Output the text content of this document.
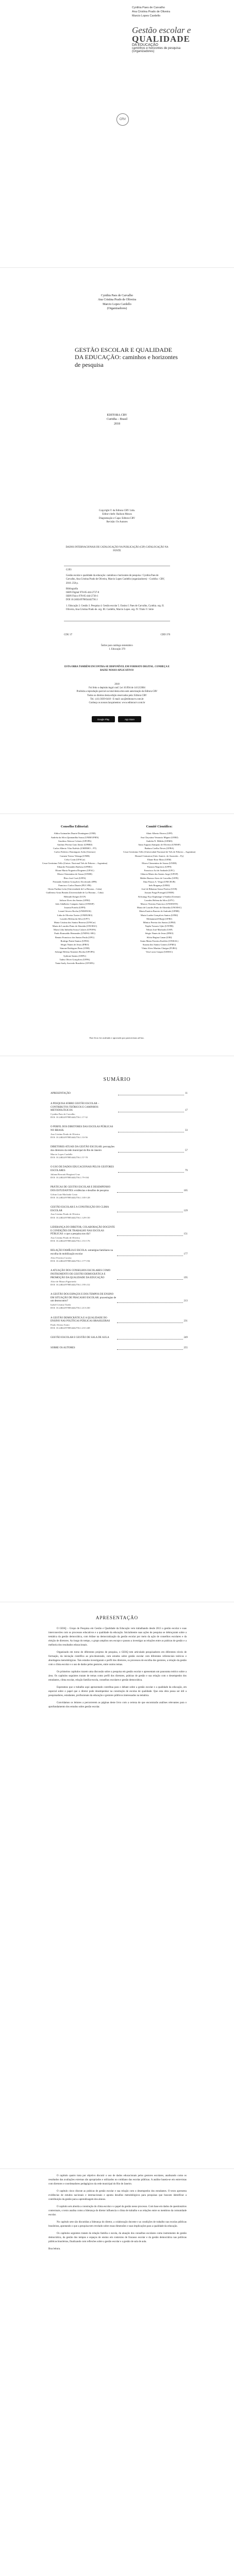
Cynthia Paes de Carvalho
Ana Cristina Prado de Oliveira
Marcio Lopes Cardello
Gestão escolar e
QUALIDADE
DA EDUCAÇÃO
caminhos e horizontes de pesquisa
(Organizadores)
CRV
Cynthia Paes de Carvalho
Ana Cristina Prado de Oliveira
Marcio Lopes Cardello
(Organizadores)
GESTÃO ESCOLAR E QUALIDADE DA EDUCAÇÃO: caminhos e horizontes de pesquisa
EDITORA CRV
Curitiba – Brasil
2018
Copyright © da Editora CRV Ltda.
Editor-chefe: Railson Moura
Diagramação e Capa: Editora CRV
Revisão: Os Autores
DADOS INTERNACIONAIS DE CATALOGAÇÃO NA PUBLICAÇÃO (CIP) CATALOGAÇÃO NA FONTE
G393
Gestão escolar e qualidade da educação: caminhos e horizontes de pesquisa / Cynthia Paes de Carvalho, Ana Cristina Prado de Oliveira, Marcio Lopes Cardello (organizadores) – Curitiba : CRV, 2018. 258 p.
Bibliografia
ISBN Digital 978-85-444-2737-8
ISBN Físico 978-85-444-2736-1
DOI 10.24824/978854442736.1
1. Educação 2. Gestão 3. Pesquisa 4. Gestão escolar 5. Ensino I. Paes de Carvalho, Cynthia. org. II. Oliveira, Ana Cristina Prado de. org. III. Cardello, Marcio Lopes. org. IV. Título V. Série
CDU 37	CDD 370
Índice para catálogo sistemático
1. Educação 370
ESTA OBRA TAMBÉM ENCONTRA-SE DISPONÍVEL EM FORMATO DIGITAL. CONHEÇA E BAIXE NOSSO APLICATIVO!
2018
Foi feito o depósito legal conf. Lei 10.994 de 14/12/2004
Proibida a reprodução parcial ou total desta obra sem autorização da Editora CRV
Todos os direitos desta edição reservados pela: Editora CRV
Tel.: (41) 3039-6418 - E-mail: sac@editoracrv.com.br
Conheça os nossos lançamentos: www.editoracrv.com.br
Google Play	App Store
Conselho Editorial:
Aldira Guimarães Duarte Domínguez (UNB)
Andréia da Silva Quintanilha Sousa (UNIR/UFRN)
Anselmo Alencar Colares (UFOPA)
Antônio Pereira Gaio Júnior (UFRRJ)
Carlos Alberto Vilar Estêvão (UMINHO – PT)
Carlos Federico Dominguez Avila (Unieuro)
Carmen Tereza Velanga (UNIR)
Celso Conti (UFSCar)
Cesar Gerónimo Tello (Univer. Nacional Três de Febrero – Argentina)
Eduardo Fernandes Barbosa (UFMG)
Elione Maria Nogueira Diogenes (UFAL)
Elizeu Clementino de Souza (UNEB)
Élsio José Corá (UFFS)
Fernando Antônio Gonçalves Alcoforado (IPB)
Francisco Carlos Duarte (PUC-PR)
Gloria Fariñas León (Universidade de La Havana – Cuba)
Guillermo Arias Beatón (Universidade de La Havana – Cuba)
Helmuth Krüger (UCP)
Jailson Alves dos Santos (UFRJ)
João Adalberto Campato Junior (UNESP)
Josania Portela (UFPI)
Leonel Severo Rocha (UNISINOS)
Lidia de Oliveira Xavier (UNIEURO)
Lourdes Helena da Silva (UFV)
Maria Cristina dos Santos Bezerra (UFSCar)
Maria de Lourdes Pinto de Almeida (UNOESC)
Maria Lília Imbiriba Sousa Colares (UFOPA)
Paulo Romualdo Hernandes (UNIFAL-MG)
Renato Francisco dos Santos Paula (UFG)
Rodrigo Pratte-Santos (UFES)
Sérgio Nunes de Jesus (IFRO)
Simone Rodrigues Pinto (UNB)
Solange Helena Ximenes-Rocha (UFOPA)
Sydione Santos (UEPG)
Tadeu Oliver Gonçalves (UFPA)
Tania Suely Azevedo Brasileiro (UFOPA)
Comitê Científico:
Altair Alberto Fávero (UPF)
Ana Chrystina Venancio Mignot (UERJ)
Andréia N. Militão (UEMS)
Anna Augusta Sampaio de Oliveira (UNESP)
Barbara Coelho Neves (UFBA)
Cesar Gerónimo Tello (Universidad Nacional de Três de Febrero – Argentina)
Diosnel Centurion (Univ Americ. de Asunción – Py)
Eliane Rose Maio (UEM)
Elizeu Clementino de Souza (UNEB)
Fauston Negreiros (UFPI)
Francisco Ari de Andrade (UFC)
Gláucia Maria dos Santos Jorge (UFOP)
Helder Buenos Aires de Carvalho (UFPI)
Ilma Passos A. Veiga (UNICEUB)
Inês Bragança (UERJ)
José de Ribamar Sousa Pereira (UCB)
Jussara Fraga Portugal (UNEB)
Kilwangy Kya Kapitango-a-Samba (Unemat)
Lourdes Helena da Silva (UFV)
Marcos Vinicius Francisco (UNOESTE)
Maria de Lourdes Pinto de Almeida (UNOESC)
Maria Eurácia Barreto de Andrade (UFRB)
Maria Lurdes Gonçalves Santos (UFRJ)
Mohammed Elhajji (UFRJ)
Mônica Pereira dos Santos (UFRJ)
Najela Tavares Ujiie (UTFPR)
Nilson José Machado (USP)
Sérgio Nunes de Jesus (IFRO)
Silvia Regina Canan (URI)
Sonia Maria Ferreira Koehler (UNISAL)
Suzana dos Santos Gomes (UFMG)
Vânia Alves Martins Chaigar (FURG)
Vera Lucia Gaspar (UDESC)
Este livro foi avaliado e aprovado por pareceristas ad hoc.
SUMÁRIO
APRESENTAÇÃO	11
A PESQUISA SOBRE GESTÃO ESCOLAR – CONTRIBUTOS TEÓRICOS E CAMINHOS METODOLÓGICOS	17
Cynthia Paes de Carvalho
DOI: 10.24824/978854442736.1.17-32
O PERFIL DOS DIRETORES DAS ESCOLAS PÚBLICAS NO BRASIL	33
Ana Cristina Prado de Oliveira
DOI: 10.24824/978854442736.1.33-56
DIRETORES ATUAIS DA GESTÃO ESCOLAR: percepções dos diretores da rede municipal do Rio de Janeiro	57
Marcio Lopes Cardello
DOI: 10.24824/978854442736.1.57-78
O USO DE DADOS EDUCACIONAIS PELOS GESTORES ESCOLARES	79
Juliana Roncatti Bragioni Cruz
DOI: 10.24824/978854442736.1.79-104
PRÁTICAS DE GESTÃO ESCOLAR E DESEMPENHO DOS ESTUDANTES: evidências e desafios de pesquisa	105
Gilvan Luiz Machado Costa
DOI: 10.24824/978854442736.1.105-128
GESTÃO ESCOLAR E A CONSTRUÇÃO DO CLIMA ESCOLAR	129
Ana Cristina Prado de Oliveira
DOI: 10.24824/978854442736.1.129-150
LIDERANÇA DO DIRETOR, COLABORAÇÃO DOCENTE E CONDIÇÕES DE TRABALHO NAS ESCOLAS PÚBLICAS: o que a pesquisa nos diz?	151
Ana Cristina Prado de Oliveira
DOI: 10.24824/978854442736.1.151-176
RELAÇÃO FAMÍLIA E ESCOLA: estratégias familiares na escolha do mobilização escolar	177
Alice Ferreira Correia
DOI: 10.24824/978854442736.1.177-194
A ATUAÇÃO DOS CONSELHOS ESCOLARES COMO INSTRUMENTO DE GESTÃO DEMOCRÁTICA E PROMOÇÃO DA QUALIDADE DA EDUCAÇÃO	195
Alice de Moura Figueiredo
DOI: 10.24824/978854442736.1.195-212
A GESTÃO DOS ESPAÇOS E DOS TEMPOS DE ENSINO EM SITUAÇÃO DE FRACASSO ESCOLAR: praxeologias de um desencontro?	213
Isabel Cristina Varela
DOI: 10.24824/978854442736.1.213-230
A GESTÃO DEMOCRÁTICA E A QUALIDADE DO ENSINO NAS POLÍTICAS PÚBLICAS BRASILEIRAS	231
Paulo Afonso Souto
DOI: 10.24824/978854442736.1.231-248
GESTÃO ESCOLAR E GESTÃO DE SALA DE AULA	249
SOBRE OS AUTORES	255
APRESENTAÇÃO

O GESQ – Grupo de Pesquisa em Gestão e Qualidade da Educação vem trabalhando desde 2013 a gestão escolar e suas interconexões com os processos educativos e a qualidade da educação. Inicialmente suas ações de pesquisa se debruçaram sobre a temática da gestão democrática, com ênfase na democratização da gestão escolar por meio da ação de conselhos escolares e da eleição de diretores. Ao longo do tempo, o grupo ampliou seu escopo e passou a investigar as relações entre as práticas de gestão e a melhoria dos resultados educacionais.

Organizado em torno de diferentes projetos de pesquisa, o GESQ tem articulado pesquisadores em diferentes níveis de formação, da iniciação científica ao pós-doutorado, com estudos sobre gestão escolar com diferentes referenciais teóricos e abordagens metodológicas. Tais estudos investigaram o perfil dos diretores, os processos de escolha dos gestores, a relação da gestão com o clima escolar e o uso de dados pelos gestores, entre outros temas.

Os primeiros capítulos trazem uma discussão sobre a pesquisa em gestão escolar e apresentam um panorama teórico sobre a área. Os capítulos seguintes tratam de temas como perfil dos diretores, práticas de gestão e sua relação com o desempenho dos estudantes, clima escolar, relação família-escola, conselhos escolares e gestão democrática.

Esperamos que o trabalho aqui apresentado contribua para o debate sobre a gestão escolar e a qualidade da educação, em especial sobre o papel que o diretor pode desempenhar na construção de escolas de qualidade. Que esta obra possa ser útil a pesquisadores, estudantes, profissionais da educação e gestores públicos interessados na temática.

Convidamos os leitores a percorrerem as páginas deste livro com a certeza de que encontrarão análises relevantes para o aprofundamento dos estudos sobre gestão escolar.

O capítulo quatro trata por objetivo discutir o uso de dados educacionais pelos gestores escolares, analisando como os resultados das avaliações externas são apropriados e utilizados no cotidiano das escolas públicas. A análise baseia-se em entrevistas com diretores e coordenadores pedagógicos da rede municipal do Rio de Janeiro.

O capítulo cinco discute as práticas de gestão escolar e sua relação com o desempenho dos estudantes. O texto apresenta evidências de estudos nacionais e internacionais e aponta desafios metodológicos para pesquisas que buscam identificar a contribuição da gestão para a aprendizagem dos alunos.

O capítulo seis aborda a construção do clima escolar e o papel da gestão nesse processo. Com base em dados de questionários contextuais, o texto analisa como a liderança do diretor influencia o clima de trabalho e as relações entre os membros da comunidade escolar.

No capítulo sete são discutidas a liderança do diretor, a colaboração docente e as condições de trabalho nas escolas públicas brasileiras, apontando o que a pesquisa tem revelado sobre essas dimensões e suas implicações para a qualidade da educação.

Os capítulos seguintes tratam da relação família e escola, da atuação dos conselhos escolares como instrumento de gestão democrática, da gestão dos tempos e espaços de ensino em contextos de fracasso escolar e da gestão democrática nas políticas públicas brasileiras, finalizando com reflexões sobre a gestão escolar e a gestão de sala de aula.

Boa leitura.
